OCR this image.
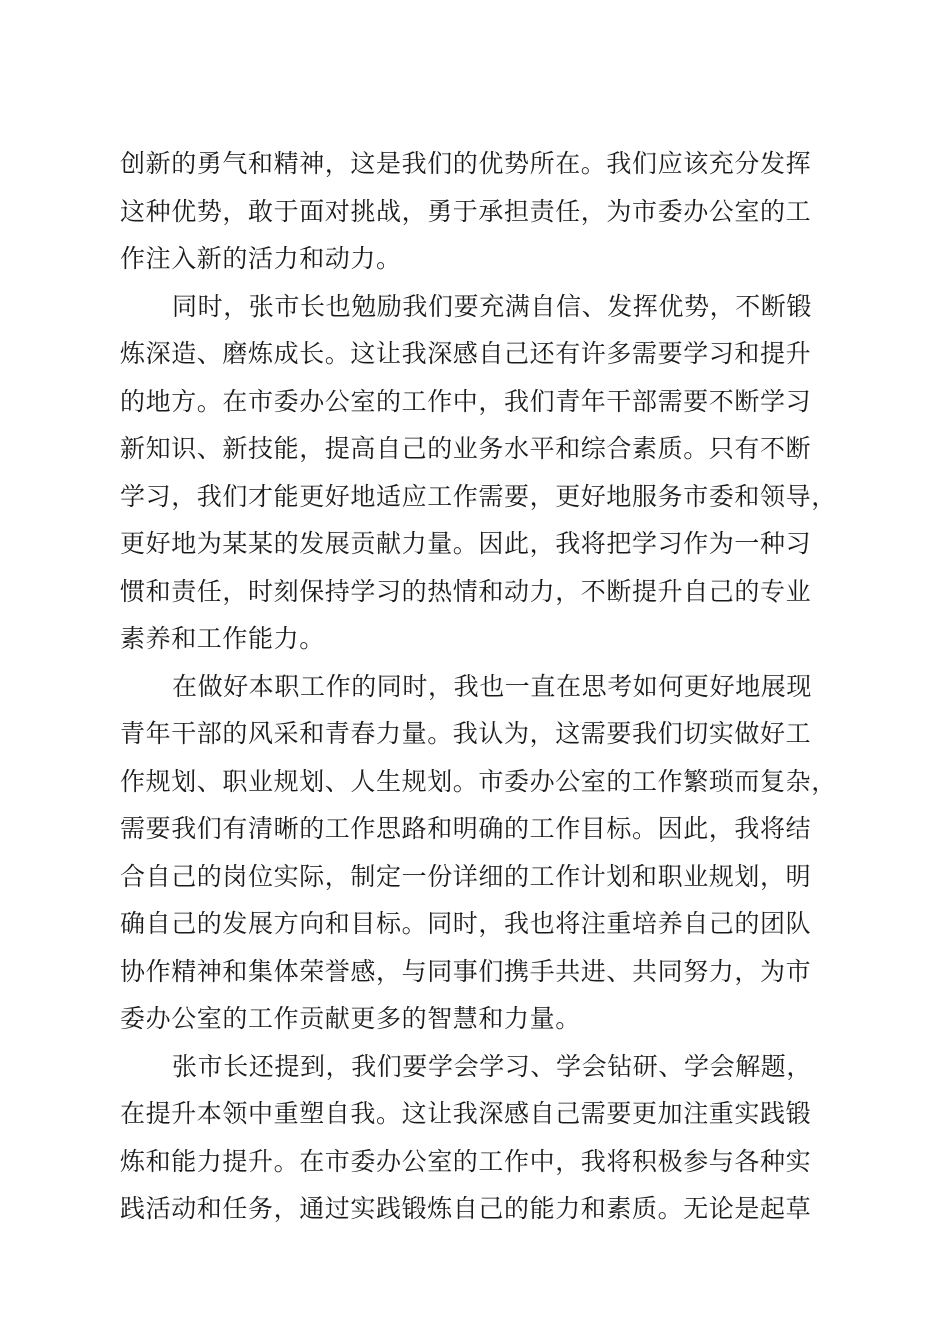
创新的勇气和精神，这是我们的优势所在。我们应该充分发挥
这种优势，敢于面对挑战，勇于承担责任，为市委办公室的工
作注入新的活力和动力。
同时，张市长也勉励我们要充满自信、发挥优势，不断锻
炼深造、磨炼成长。这让我深感自己还有许多需要学习和提升
的地方。在市委办公室的工作中，我们青年干部需要不断学习
新知识、新技能，提高自己的业务水平和综合素质。只有不断
学习，我们才能更好地适应工作需要，更好地服务市委和领导，
更好地为某某的发展贡献力量。因此，我将把学习作为一种习
惯和责任，时刻保持学习的热情和动力，不断提升自己的专业
素养和工作能力。
在做好本职工作的同时，我也一直在思考如何更好地展现
青年干部的风采和青春力量。我认为，这需要我们切实做好工
作规划、职业规划、人生规划。市委办公室的工作繁琐而复杂，
需要我们有清晰的工作思路和明确的工作目标。因此，我将结
合自己的岗位实际，制定一份详细的工作计划和职业规划，明
确自己的发展方向和目标。同时，我也将注重培养自己的团队
协作精神和集体荣誉感，与同事们携手共进、共同努力，为市
委办公室的工作贡献更多的智慧和力量。
张市长还提到，我们要学会学习、学会钻研、学会解题，
在提升本领中重塑自我。这让我深感自己需要更加注重实践锻
炼和能力提升。在市委办公室的工作中，我将积极参与各种实
践活动和任务，通过实践锻炼自己的能力和素质。无论是起草
